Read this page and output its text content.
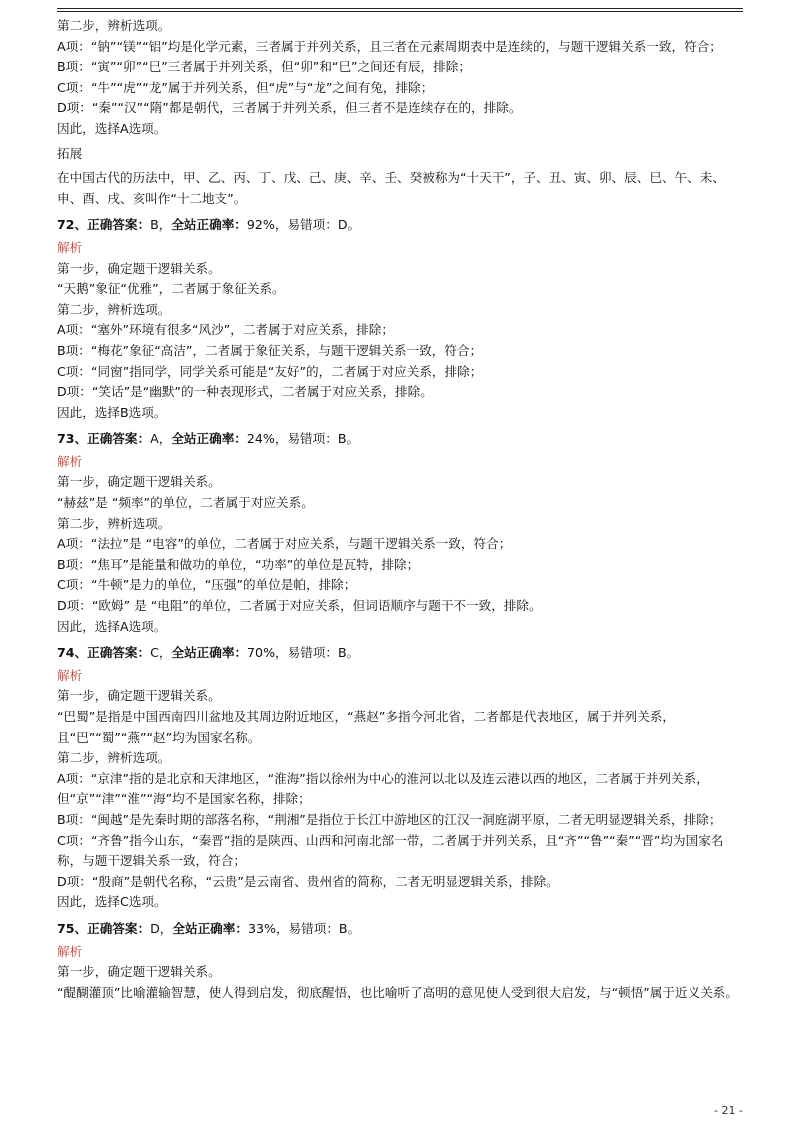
第二步，辨析选项。

A项：“钠”“镁”“铝”均是化学元素，三者属于并列关系，且三者在元素周期表中是连续的，与题干逻辑关系一致，符合；

B项：“寅”“卯”“巳”三者属于并列关系，但“卯”和“巳”之间还有辰，排除；

C项：“牛”“虎”“龙”属于并列关系，但“虎”与“龙”之间有兔，排除；

D项：“秦”“汉”“隋”都是朝代，三者属于并列关系，但三者不是连续存在的，排除。

因此，选择A选项。

拓展

在中国古代的历法中，甲、乙、丙、丁、戊、己、庚、辛、壬、癸被称为“十天干”，子、丑、寅、卯、辰、巳、午、未、申、酉、戌、亥叫作“十二地支”。

72、正确答案：B，全站正确率：92%，易错项：D。

解析

第一步，确定题干逻辑关系。

“天鹅”象征“优雅”，二者属于象征关系。

第二步，辨析选项。

A项：“塞外”环境有很多“风沙”，二者属于对应关系，排除；

B项：“梅花”象征“高洁”，二者属于象征关系，与题干逻辑关系一致，符合；

C项：“同窗”指同学，同学关系可能是“友好”的，二者属于对应关系，排除；

D项：“笑话”是“幽默”的一种表现形式，二者属于对应关系，排除。

因此，选择B选项。

73、正确答案：A，全站正确率：24%，易错项：B。

解析

第一步，确定题干逻辑关系。

“赫兹”是 “频率”的单位，二者属于对应关系。

第二步，辨析选项。

A项：“法拉”是 “电容”的单位，二者属于对应关系，与题干逻辑关系一致，符合；

B项：“焦耳”是能量和做功的单位，“功率”的单位是瓦特，排除；

C项：“牛顿”是力的单位，“压强”的单位是帕，排除；

D项：“欧姆” 是 “电阻”的单位，二者属于对应关系，但词语顺序与题干不一致，排除。

因此，选择A选项。

74、正确答案：C，全站正确率：70%，易错项：B。

解析

第一步，确定题干逻辑关系。

“巴蜀”是指是中国西南四川盆地及其周边附近地区，“燕赵”多指今河北省，二者都是代表地区，属于并列关系，且“巴”“蜀”“燕”“赵”均为国家名称。

第二步，辨析选项。

A项：“京津”指的是北京和天津地区，“淮海”指以徐州为中心的淮河以北以及连云港以西的地区，二者属于并列关系，但“京”“津”“淮”“海”均不是国家名称，排除；

B项：“闽越”是先秦时期的部落名称，“荆湘”是指位于长江中游地区的江汉一洞庭湖平原，二者无明显逻辑关系，排除；

C项：“齐鲁”指今山东，“秦晋”指的是陕西、山西和河南北部一带，二者属于并列关系，且“齐”“鲁”“秦”“晋”均为国家名称，与题干逻辑关系一致，符合；

D项：“殷商”是朝代名称，“云贵”是云南省、贵州省的简称，二者无明显逻辑关系，排除。

因此，选择C选项。

75、正确答案：D，全站正确率：33%，易错项：B。

解析

第一步，确定题干逻辑关系。

“醍醐灌顶”比喻灌输智慧，使人得到启发，彻底醒悟，也比喻听了高明的意见使人受到很大启发，与“顿悟”属于近义关系。

- 21 -
